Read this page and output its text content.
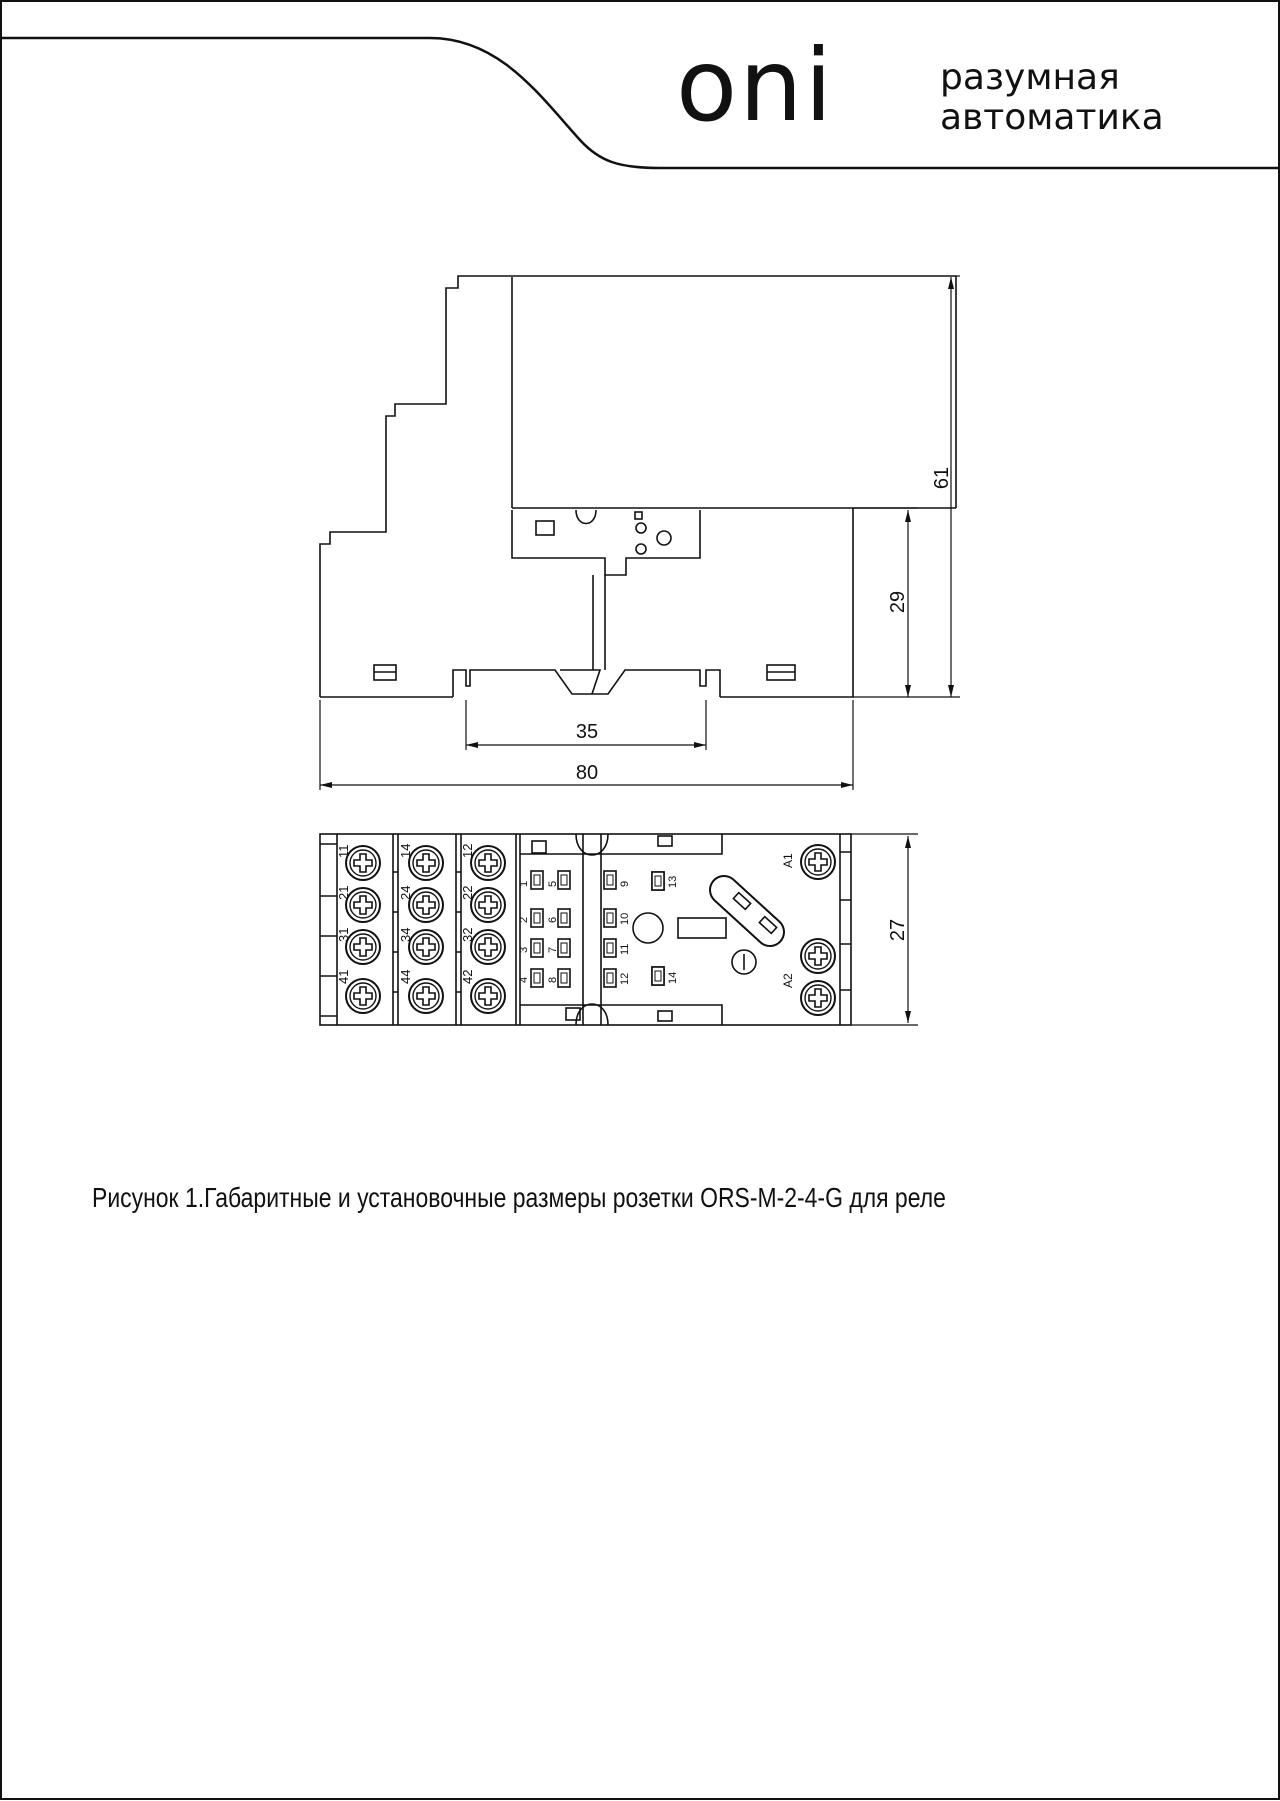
61
29
35
80
11
21
31
41
14
24
34
44
12
22
32
42
1
2
3
4
5
6
7
8
9
10
11
12
13
14
A1
A2
27
oni	разумная
автоматика
Рисунок 1.Габаритные и установочные размеры розетки ORS-M-2-4-G для реле
